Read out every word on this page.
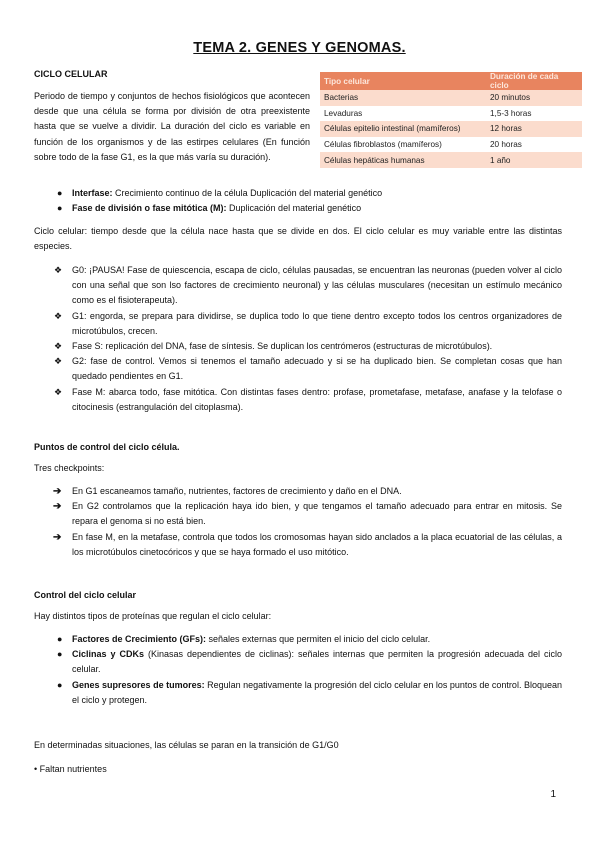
TEMA 2. GENES Y GENOMAS.
CICLO CELULAR
Periodo de tiempo y conjuntos de hechos fisiológicos que acontecen desde que una célula se forma por división de otra preexistente hasta que se vuelve a dividir. La duración del ciclo es variable en función de los organismos y de las estirpes celulares (En función sobre todo de la fase G1, es la que más varía su duración).
Tipo celular	Duración de cada ciclo
Bacterias	20 minutos
Levaduras	1,5-3 horas
Células epitelio intestinal (mamíferos)	12 horas
Células fibroblastos (mamíferos)	20 horas
Células hepáticas humanas	1 año
● Interfase: Crecimiento continuo de la célula Duplicación del material genético
● Fase de división o fase mitótica (M): Duplicación del material genético
Ciclo celular: tiempo desde que la célula nace hasta que se divide en dos. El ciclo celular es muy variable entre las distintas especies.
❖ G0: ¡PAUSA! Fase de quiescencia, escapa de ciclo, células pausadas, se encuentran las neuronas (pueden volver al ciclo con una señal que son lso factores de crecimiento neuronal) y las células musculares (necesitan un estímulo mecánico como es el fisioterapeuta).
❖ G1: engorda, se prepara para dividirse, se duplica todo lo que tiene dentro excepto todos los centros organizadores de microtúbulos, crecen.
❖ Fase S: replicación del DNA, fase de síntesis. Se duplican los centrómeros (estructuras de microtúbulos).
❖ G2: fase de control. Vemos si tenemos el tamaño adecuado y si se ha duplicado bien. Se completan cosas que han quedado pendientes en G1.
❖ Fase M: abarca todo, fase mitótica. Con distintas fases dentro: profase, prometafase, metafase, anafase y la telofase o citocinesis (estrangulación del citoplasma).
Puntos de control del ciclo célula.
Tres checkpoints:
➔ En G1 escaneamos tamaño, nutrientes, factores de crecimiento y daño en el DNA.
➔ En G2 controlamos que la replicación haya ido bien, y que tengamos el tamaño adecuado para entrar en mitosis. Se repara el genoma si no está bien.
➔ En fase M, en la metafase, controla que todos los cromosomas hayan sido anclados a la placa ecuatorial de las células, a los microtúbulos cinetocóricos y que se haya formado el uso mitótico.
Control del ciclo celular
Hay distintos tipos de proteínas que regulan el ciclo celular:
● Factores de Crecimiento (GFs): señales externas que permiten el inicio del ciclo celular.
● Ciclinas y CDKs (Kinasas dependientes de ciclinas): señales internas que permiten la progresión adecuada del ciclo celular.
● Genes supresores de tumores: Regulan negativamente la progresión del ciclo celular en los puntos de control. Bloquean el ciclo y protegen.
En determinadas situaciones, las células se paran en la transición de G1/G0
• Faltan nutrientes
1
